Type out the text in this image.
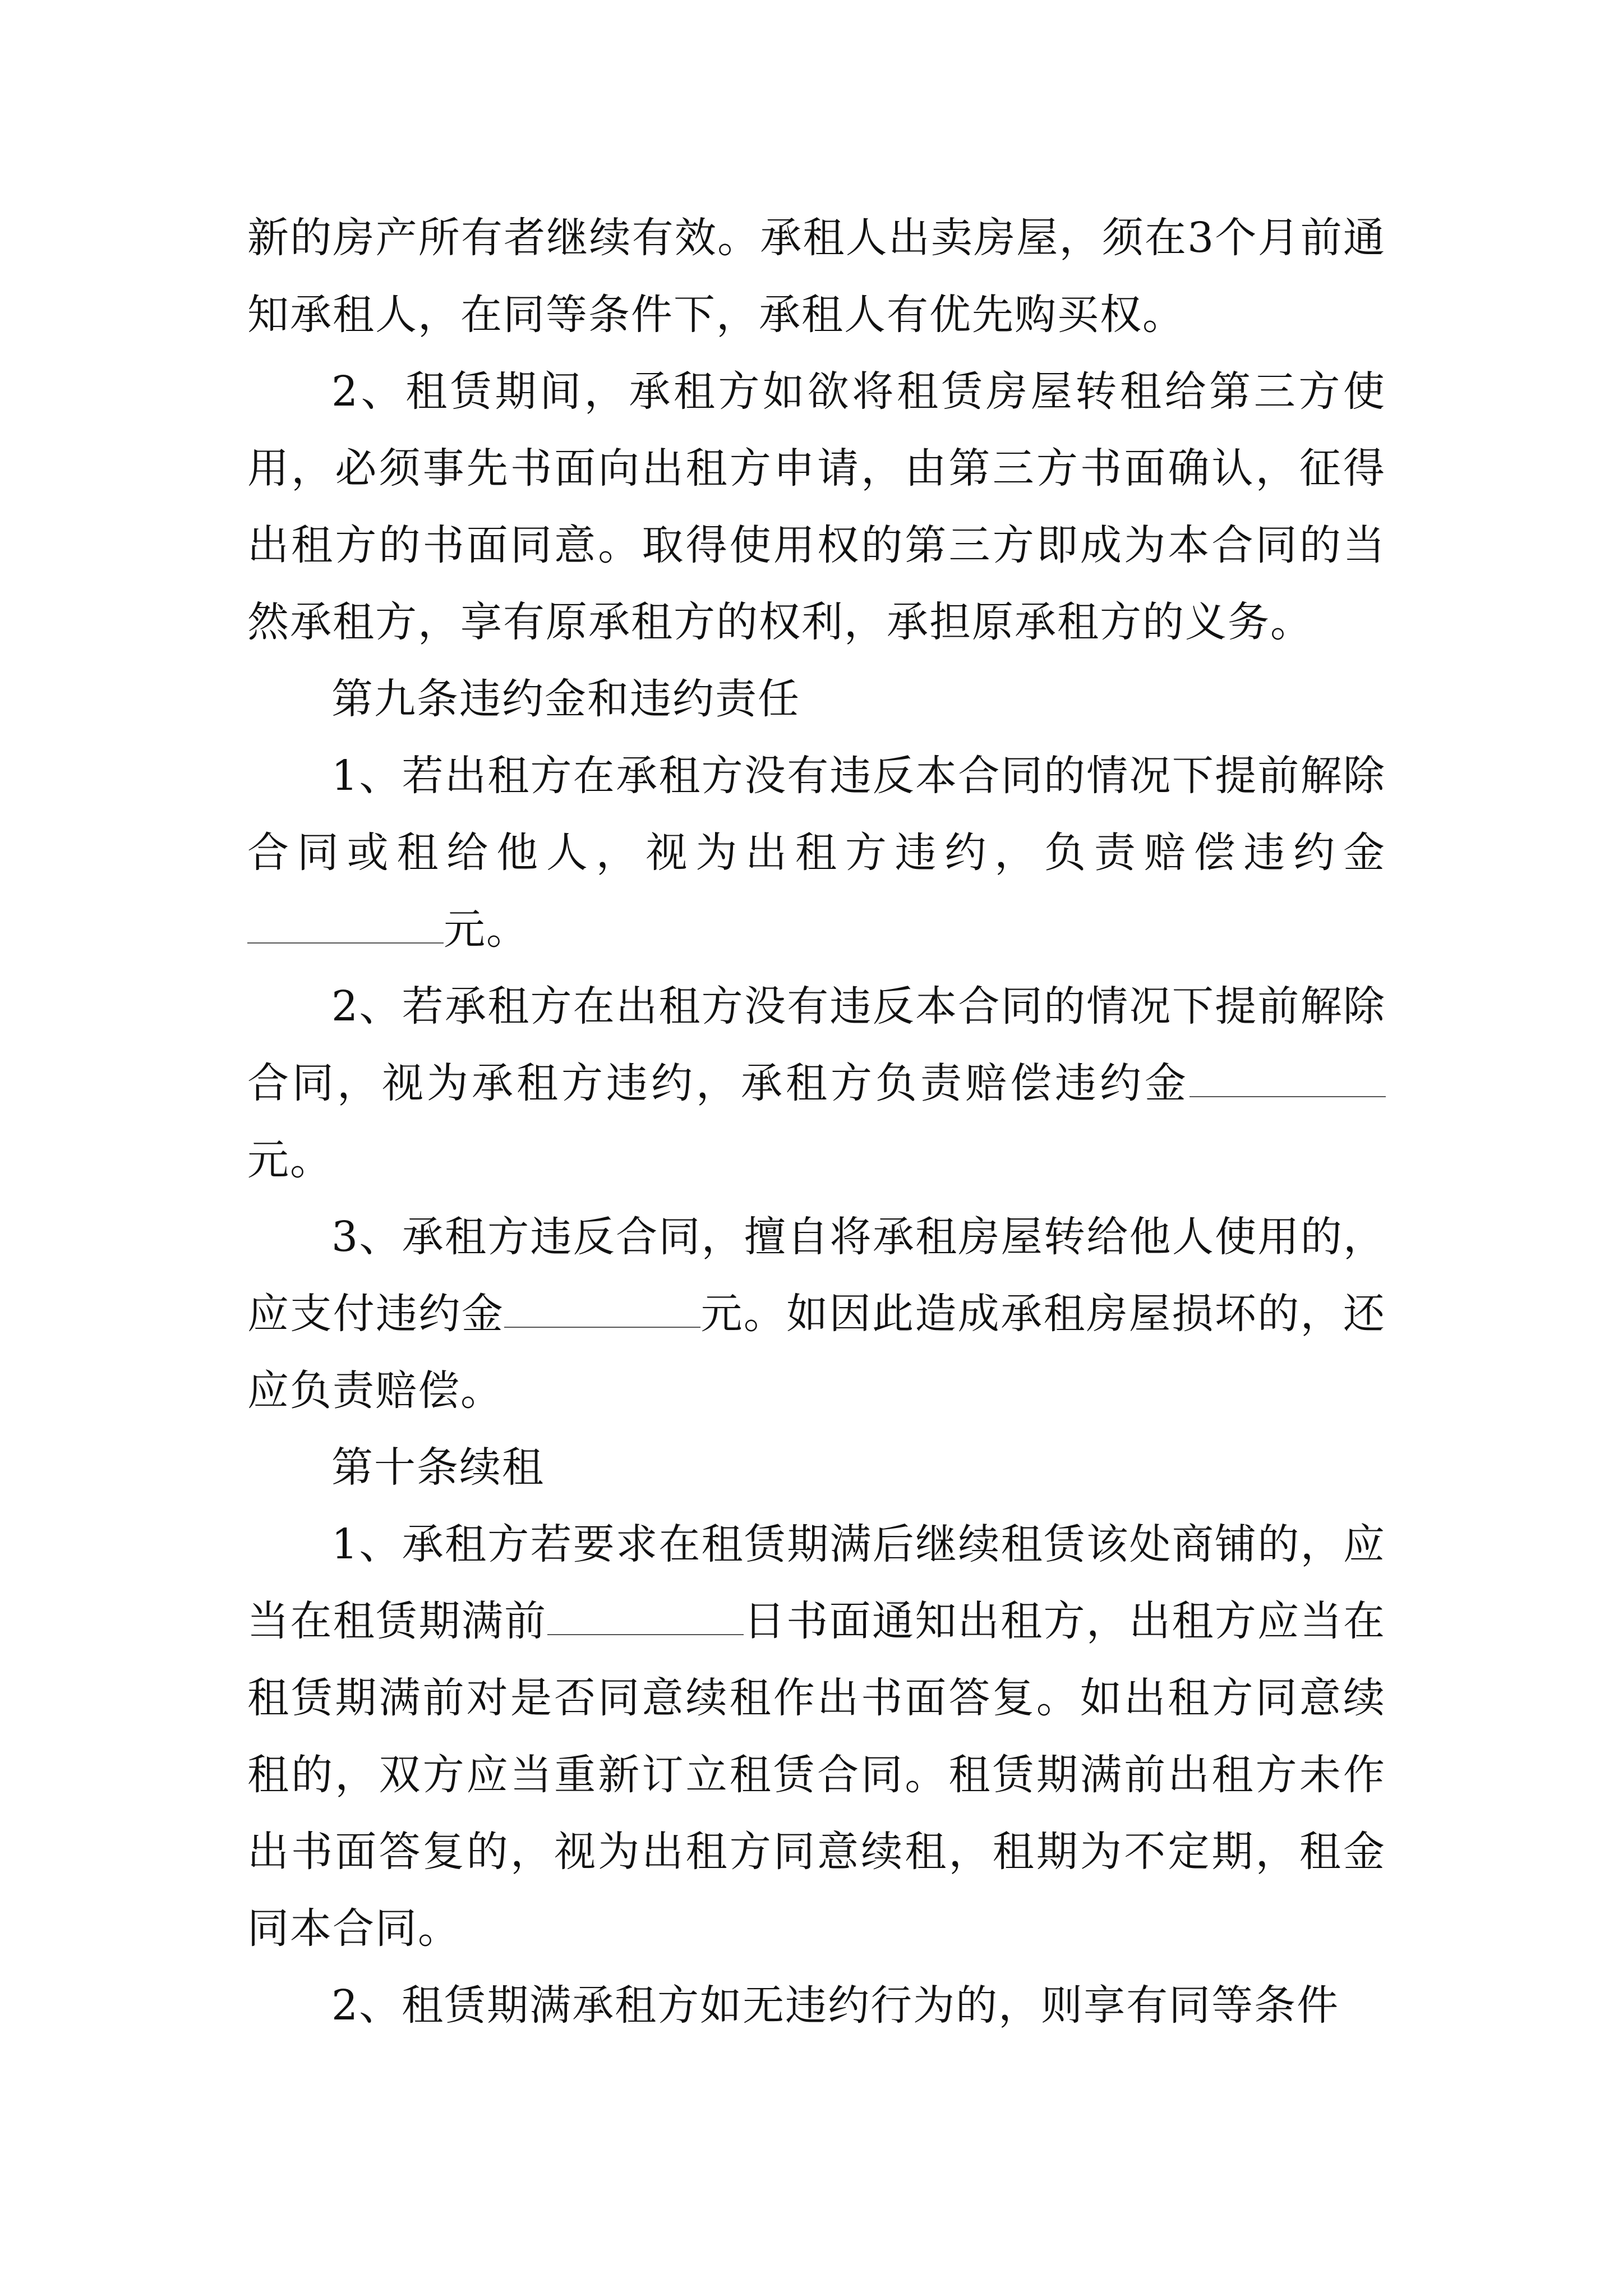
新的房产所有者继续有效。承租人出卖房屋，须在3个月前通知承租人，在同等条件下，承租人有优先购买权。

2、租赁期间，承租方如欲将租赁房屋转租给第三方使用，必须事先书面向出租方申请，由第三方书面确认，征得出租方的书面同意。取得使用权的第三方即成为本合同的当然承租方，享有原承租方的权利，承担原承租方的义务。

第九条违约金和违约责任

1、若出租方在承租方没有违反本合同的情况下提前解除合同或租给他人，视为出租方违约，负责赔偿违约金元。

2、若承租方在出租方没有违反本合同的情况下提前解除合同，视为承租方违约，承租方负责赔偿违约金元。

3、承租方违反合同，擅自将承租房屋转给他人使用的，应支付违约金	元。如因此造成承租房屋损坏的，还应负责赔偿。

第十条续租

1、承租方若要求在租赁期满后继续租赁该处商铺的，应当在租赁期满前	日书面通知出租方，出租方应当在租赁期满前对是否同意续租作出书面答复。如出租方同意续租的，双方应当重新订立租赁合同。租赁期满前出租方未作出书面答复的，视为出租方同意续租，租期为不定期，租金同本合同。

2、租赁期满承租方如无违约行为的，则享有同等条件
